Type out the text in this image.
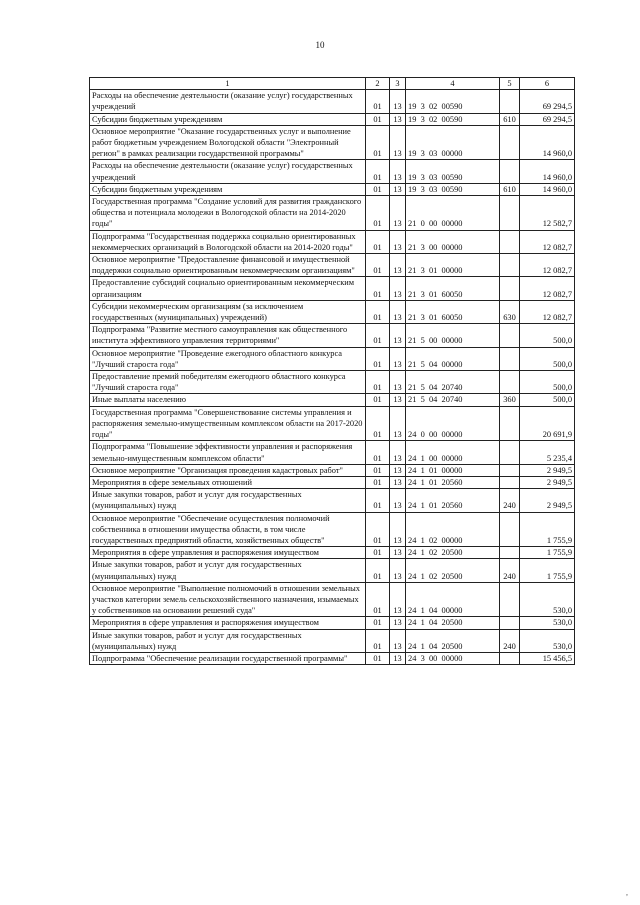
10
1	2	3	4	5	6
Расходы на обеспечение деятельности (оказание услуг) государственных учреждений	01	13	19  3  02  00590		69 294,5
Субсидии бюджетным учреждениям	01	13	19  3  02  00590	610	69 294,5
Основное мероприятие "Оказание государственных услуг и выполнение работ бюджетным учреждением Вологодской области "Электронный регион" в рамках реализации государственной программы"	01	13	19  3  03  00000		14 960,0
Расходы на обеспечение деятельности (оказание услуг) государственных учреждений	01	13	19  3  03  00590		14 960,0
Субсидии бюджетным учреждениям	01	13	19  3  03  00590	610	14 960,0
Государственная программа "Создание условий для развития гражданского общества и потенциала молодежи в Вологодской области на 2014-2020 годы"	01	13	21  0  00  00000		12 582,7
Подпрограмма "Государственная поддержка социально ориентированных некоммерческих организаций в Вологодской области на 2014-2020 годы"	01	13	21  3  00  00000		12 082,7
Основное мероприятие "Предоставление финансовой и имущественной поддержки социально ориентированным некоммерческим организациям"	01	13	21  3  01  00000		12 082,7
Предоставление субсидий социально ориентированным некоммерческим организациям	01	13	21  3  01  60050		12 082,7
Субсидии некоммерческим организациям (за исключением государственных (муниципальных) учреждений)	01	13	21  3  01  60050	630	12 082,7
Подпрограмма "Развитие местного самоуправления как общественного института эффективного управления территориями"	01	13	21  5  00  00000		500,0
Основное мероприятие "Проведение ежегодного областного конкурса "Лучший староста года"	01	13	21  5  04  00000		500,0
Предоставление премий победителям ежегодного областного конкурса "Лучший староста года"	01	13	21  5  04  20740		500,0
Иные выплаты населению	01	13	21  5  04  20740	360	500,0
Государственная программа "Совершенствование системы управления и распоряжения земельно-имущественным комплексом области на 2017-2020 годы"	01	13	24  0  00  00000		20 691,9
Подпрограмма "Повышение эффективности управления и распоряжения земельно-имущественным комплексом области"	01	13	24  1  00  00000		5 235,4
Основное мероприятие "Организация проведения кадастровых работ"	01	13	24  1  01  00000		2 949,5
Мероприятия в сфере земельных отношений	01	13	24  1  01  20560		2 949,5
Иные закупки товаров, работ и услуг для государственных (муниципальных) нужд	01	13	24  1  01  20560	240	2 949,5
Основное мероприятие "Обеспечение осуществления полномочий собственника в отношении имущества области, в том числе государственных предприятий области, хозяйственных обществ"	01	13	24  1  02  00000		1 755,9
Мероприятия в сфере управления и распоряжения имуществом	01	13	24  1  02  20500		1 755,9
Иные закупки товаров, работ и услуг для государственных (муниципальных) нужд	01	13	24  1  02  20500	240	1 755,9
Основное мероприятие "Выполнение полномочий в отношении земельных участков категории земель сельскохозяйственного назначения, изымаемых у собственников на основании решений суда"	01	13	24  1  04  00000		530,0
Мероприятия в сфере управления и распоряжения имуществом	01	13	24  1  04  20500		530,0
Иные закупки товаров, работ и услуг для государственных (муниципальных) нужд	01	13	24  1  04  20500	240	530,0
Подпрограмма "Обеспечение реализации государственной программы"	01	13	24  3  00  00000		15 456,5
,
